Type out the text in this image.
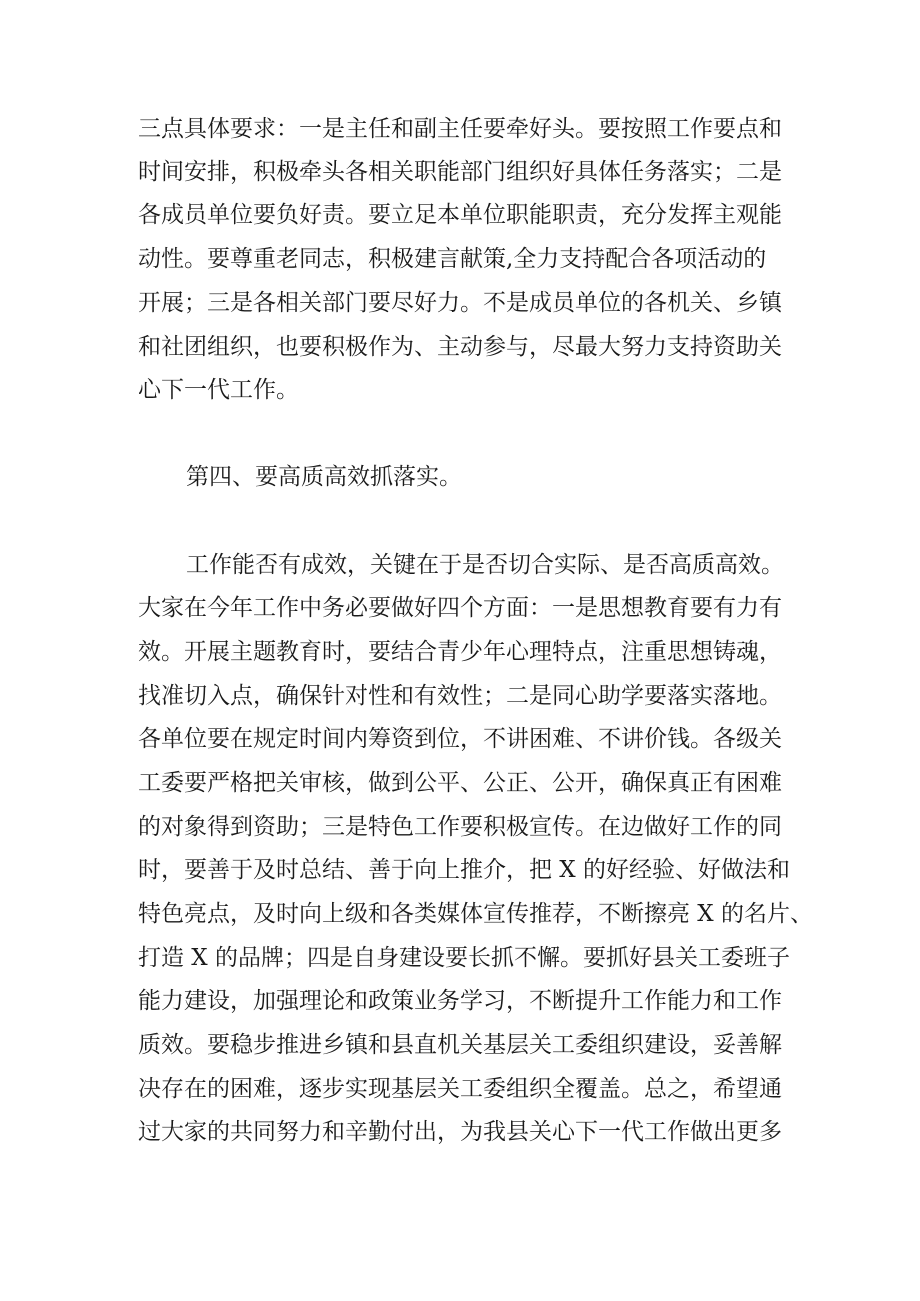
三点具体要求：一是主任和副主任要牵好头。要按照工作要点和
时间安排，积极牵头各相关职能部门组织好具体任务落实；二是
各成员单位要负好责。要立足本单位职能职责，充分发挥主观能
动性。要尊重老同志，积极建言献策,全力支持配合各项活动的
开展；三是各相关部门要尽好力。不是成员单位的各机关、乡镇
和社团组织，也要积极作为、主动参与，尽最大努力支持资助关
心下一代工作。
第四、要高质高效抓落实。
工作能否有成效，关键在于是否切合实际、是否高质高效。
大家在今年工作中务必要做好四个方面：一是思想教育要有力有
效。开展主题教育时，要结合青少年心理特点，注重思想铸魂，
找准切入点，确保针对性和有效性；二是同心助学要落实落地。
各单位要在规定时间内筹资到位，不讲困难、不讲价钱。各级关
工委要严格把关审核，做到公平、公正、公开，确保真正有困难
的对象得到资助；三是特色工作要积极宣传。在边做好工作的同
时，要善于及时总结、善于向上推介，把 X 的好经验、好做法和
特色亮点，及时向上级和各类媒体宣传推荐，不断擦亮 X 的名片、
打造 X 的品牌；四是自身建设要长抓不懈。要抓好县关工委班子
能力建设，加强理论和政策业务学习，不断提升工作能力和工作
质效。要稳步推进乡镇和县直机关基层关工委组织建设，妥善解
决存在的困难，逐步实现基层关工委组织全覆盖。总之，希望通
过大家的共同努力和辛勤付出，为我县关心下一代工作做出更多
